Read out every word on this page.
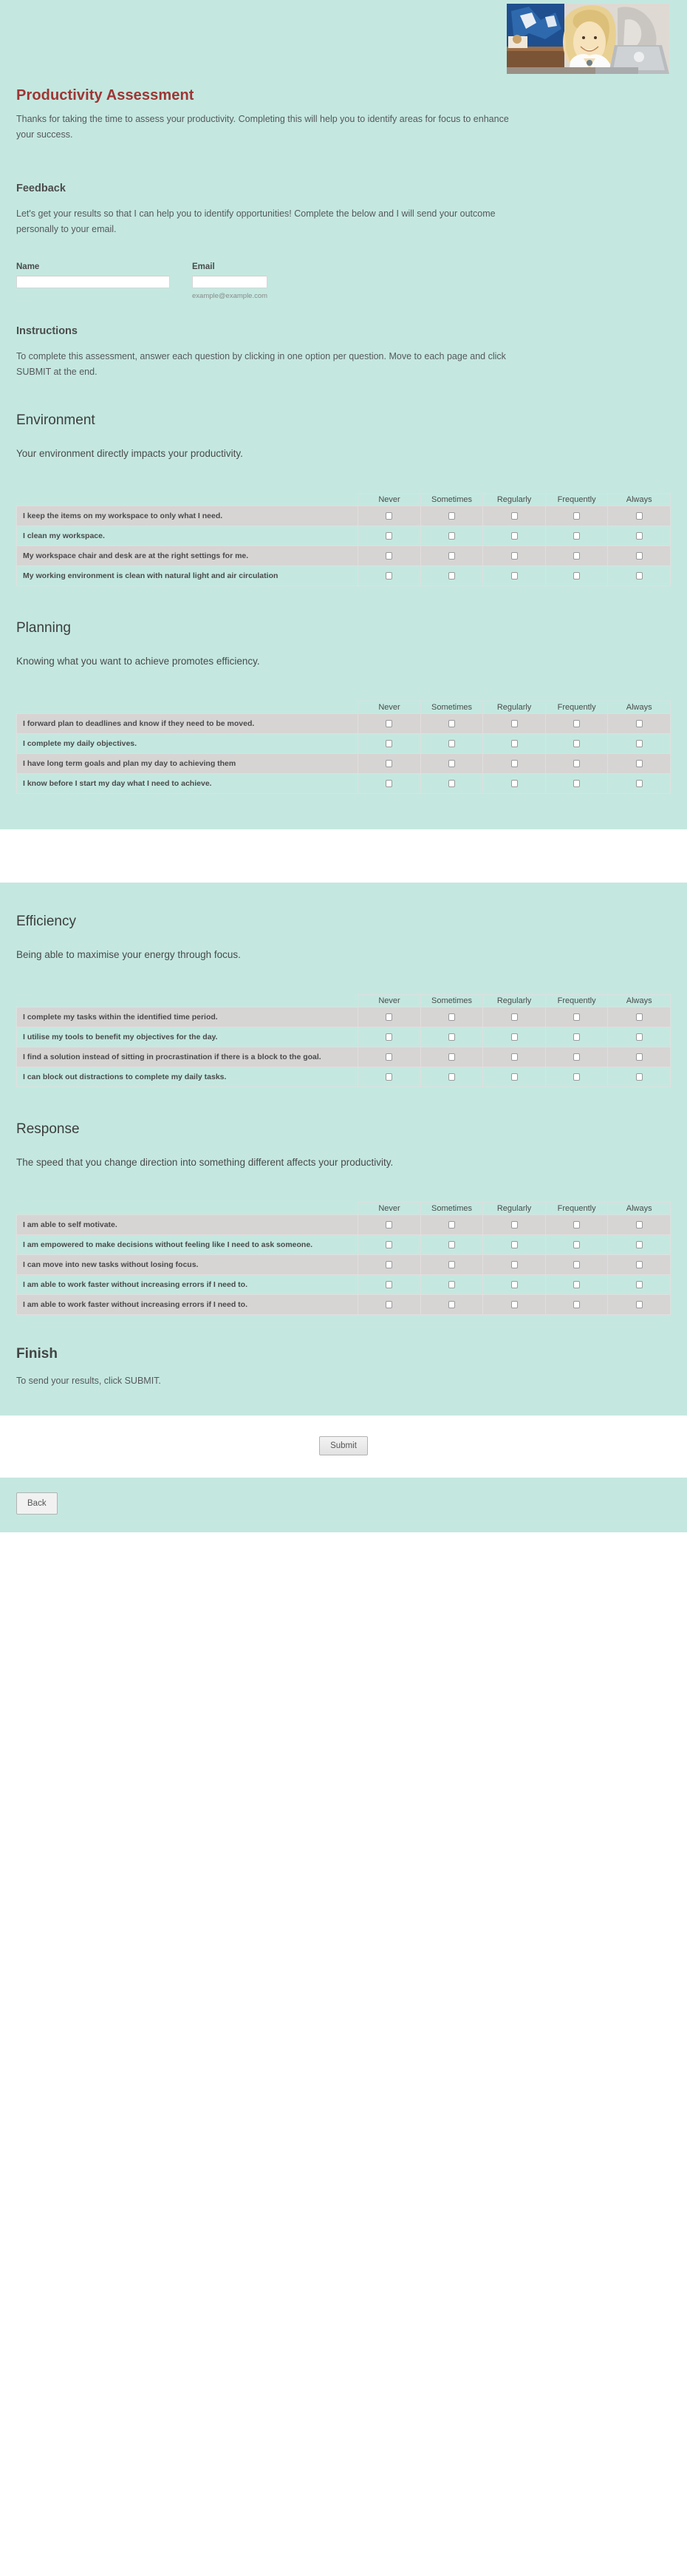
Productivity Assessment

Thanks for taking the time to assess your productivity. Completing this will help you to identify areas for focus to enhance your success.

Feedback

Let's get your results so that I can help you to identify opportunities! Complete the below and I will send your outcome personally to your email.

Name	Email
example@example.com
Instructions

To complete this assessment, answer each question by clicking in one option per question. Move to each page and click SUBMIT at the end.

Environment

Your environment directly impacts your productivity.

	Never	Sometimes	Regularly	Frequently	Always
I keep the items on my workspace to only what I need.					
I clean my workspace.					
My workspace chair and desk are at the right settings for me.					
My working environment is clean with natural light and air circulation					
Planning

Knowing what you want to achieve promotes efficiency.

	Never	Sometimes	Regularly	Frequently	Always
I forward plan to deadlines and know if they need to be moved.					
I complete my daily objectives.					
I have long term goals and plan my day to achieving them					
I know before I start my day what I need to achieve.					
Efficiency

Being able to maximise your energy through focus.

	Never	Sometimes	Regularly	Frequently	Always
I complete my tasks within the identified time period.					
I utilise my tools to benefit my objectives for the day.					
I find a solution instead of sitting in procrastination if there is a block to the goal.					
I can block out distractions to complete my daily tasks.					
Response

The speed that you change direction into something different affects your productivity.

	Never	Sometimes	Regularly	Frequently	Always
I am able to self motivate.					
I am empowered to make decisions without feeling like I need to ask someone.					
I can move into new tasks without losing focus.					
I am able to work faster without increasing errors if I need to.					
I am able to work faster without increasing errors if I need to.					
Finish

To send your results, click SUBMIT.

Submit
Back
